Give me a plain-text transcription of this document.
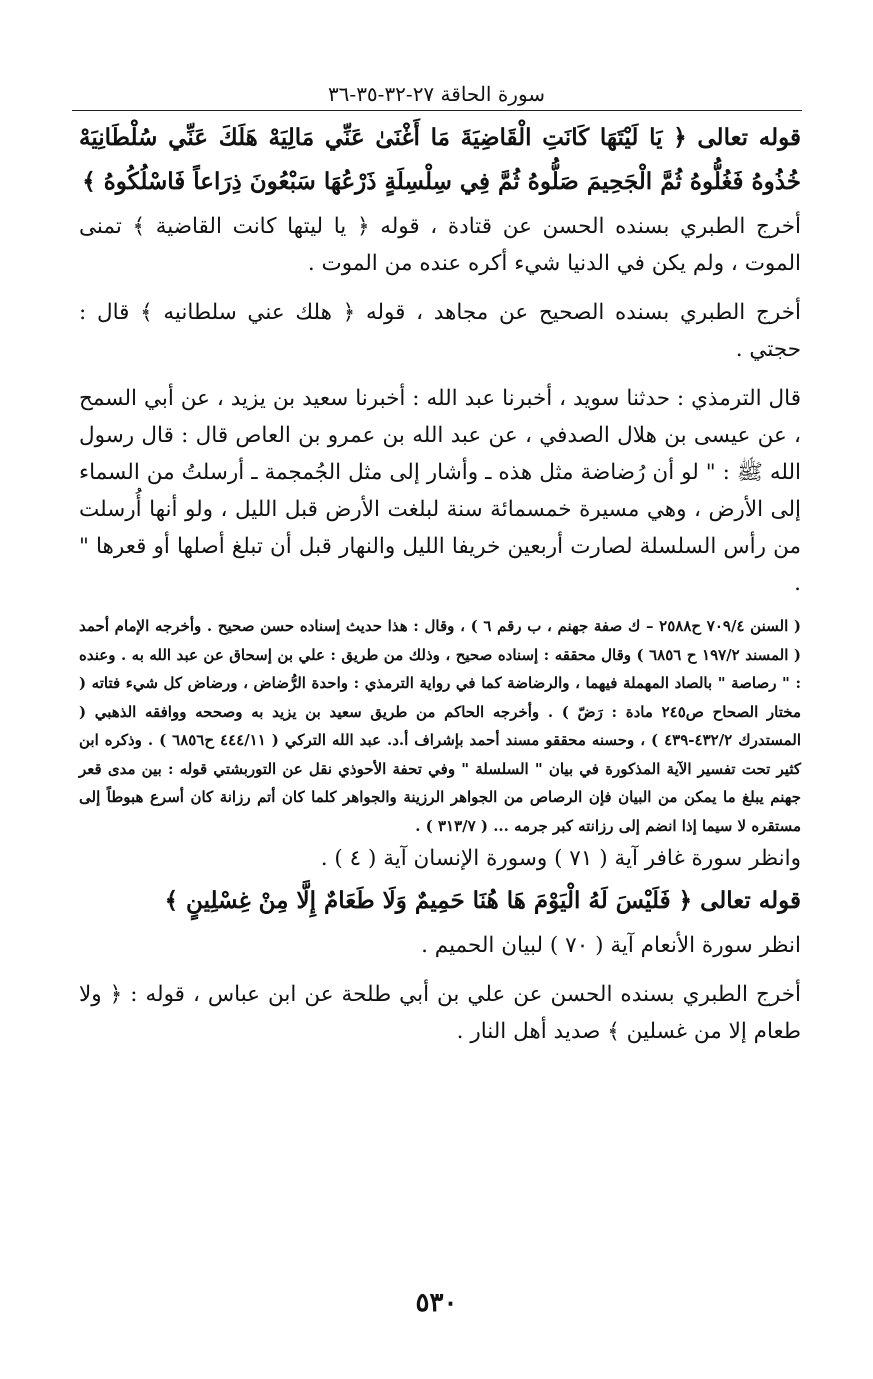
سورة الحاقة ٢٧-٣٢-٣٥-٣٦

قوله تعالى ﴿ يَا لَيْتَهَا كَانَتِ الْقَاضِيَةَ مَا أَغْنَىٰ عَنِّي مَالِيَهْ هَلَكَ عَنِّي سُلْطَانِيَهْ خُذُوهُ فَغُلُّوهُ ثُمَّ الْجَحِيمَ صَلُّوهُ ثُمَّ فِي سِلْسِلَةٍ ذَرْعُهَا سَبْعُونَ ذِرَاعاً فَاسْلُكُوهُ ﴾

أخرج الطبري بسنده الحسن عن قتادة ، قوله ﴿ يا ليتها كانت القاضية ﴾ تمنى الموت ، ولم يكن في الدنيا شيء أكره عنده من الموت .

أخرج الطبري بسنده الصحيح عن مجاهد ، قوله ﴿ هلك عني سلطانيه ﴾ قال : حجتي .

قال الترمذي : حدثنا سويد ، أخبرنا عبد الله : أخبرنا سعيد بن يزيد ، عن أبي السمح ، عن عيسى بن هلال الصدفي ، عن عبد الله بن عمرو بن العاص قال : قال رسول الله ﷺ : " لو أن رُضاضة مثل هذه ـ وأشار إلى مثل الجُمجمة ـ أرسلتُ من السماء إلى الأرض ، وهي مسيرة خمسمائة سنة لبلغت الأرض قبل الليل ، ولو أنها أُرسلت من رأس السلسلة لصارت أربعين خريفا الليل والنهار قبل أن تبلغ أصلها أو قعرها " .

( السنن ٧٠٩/٤ ح٢٥٨٨ – ك صفة جهنم ، ب رقم ٦ ) ، وقال : هذا حديث إسناده حسن صحيح . وأخرجه الإمام أحمد ( المسند ١٩٧/٢ ح ٦٨٥٦ ) وقال محققه : إسناده صحيح ، وذلك من طريق : علي بن إسحاق عن عبد الله به . وعنده : " رصاصة " بالصاد المهملة فيهما ، والرضاضة كما في رواية الترمذي : واحدة الرُّضاض ، ورضاض كل شيء فتاته ( مختار الصحاح ص٢٤٥ مادة : رَضّ ) . وأخرجه الحاكم من طريق سعيد بن يزيد به وصححه ووافقه الذهبي ( المستدرك ٤٣٢/٢-٤٣٩ ) ، وحسنه محققو مسند أحمد بإشراف أ.د. عبد الله التركي ( ٤٤٤/١١ ح٦٨٥٦ ) . وذكره ابن كثير تحت تفسير الآية المذكورة في بيان " السلسلة " وفي تحفة الأحوذي نقل عن التوربشتي قوله : بين مدى قعر جهنم يبلغ ما يمكن من البيان فإن الرصاص من الجواهر الرزينة والجواهر كلما كان أتم رزانة كان أسرع هبوطاً إلى مستقره لا سيما إذا انضم إلى رزانته كبر جرمه ... ( ٣١٣/٧ ) .

وانظر سورة غافر آية ( ٧١ ) وسورة الإنسان آية ( ٤ ) .

قوله تعالى ﴿ فَلَيْسَ لَهُ الْيَوْمَ هَا هُنَا حَمِيمٌ وَلَا طَعَامٌ إِلَّا مِنْ غِسْلِينٍ ﴾

انظر سورة الأنعام آية ( ٧٠ ) لبيان الحميم .

أخرج الطبري بسنده الحسن عن علي بن أبي طلحة عن ابن عباس ، قوله : ﴿ ولا طعام إلا من غسلين ﴾ صديد أهل النار .

٥٣٠
